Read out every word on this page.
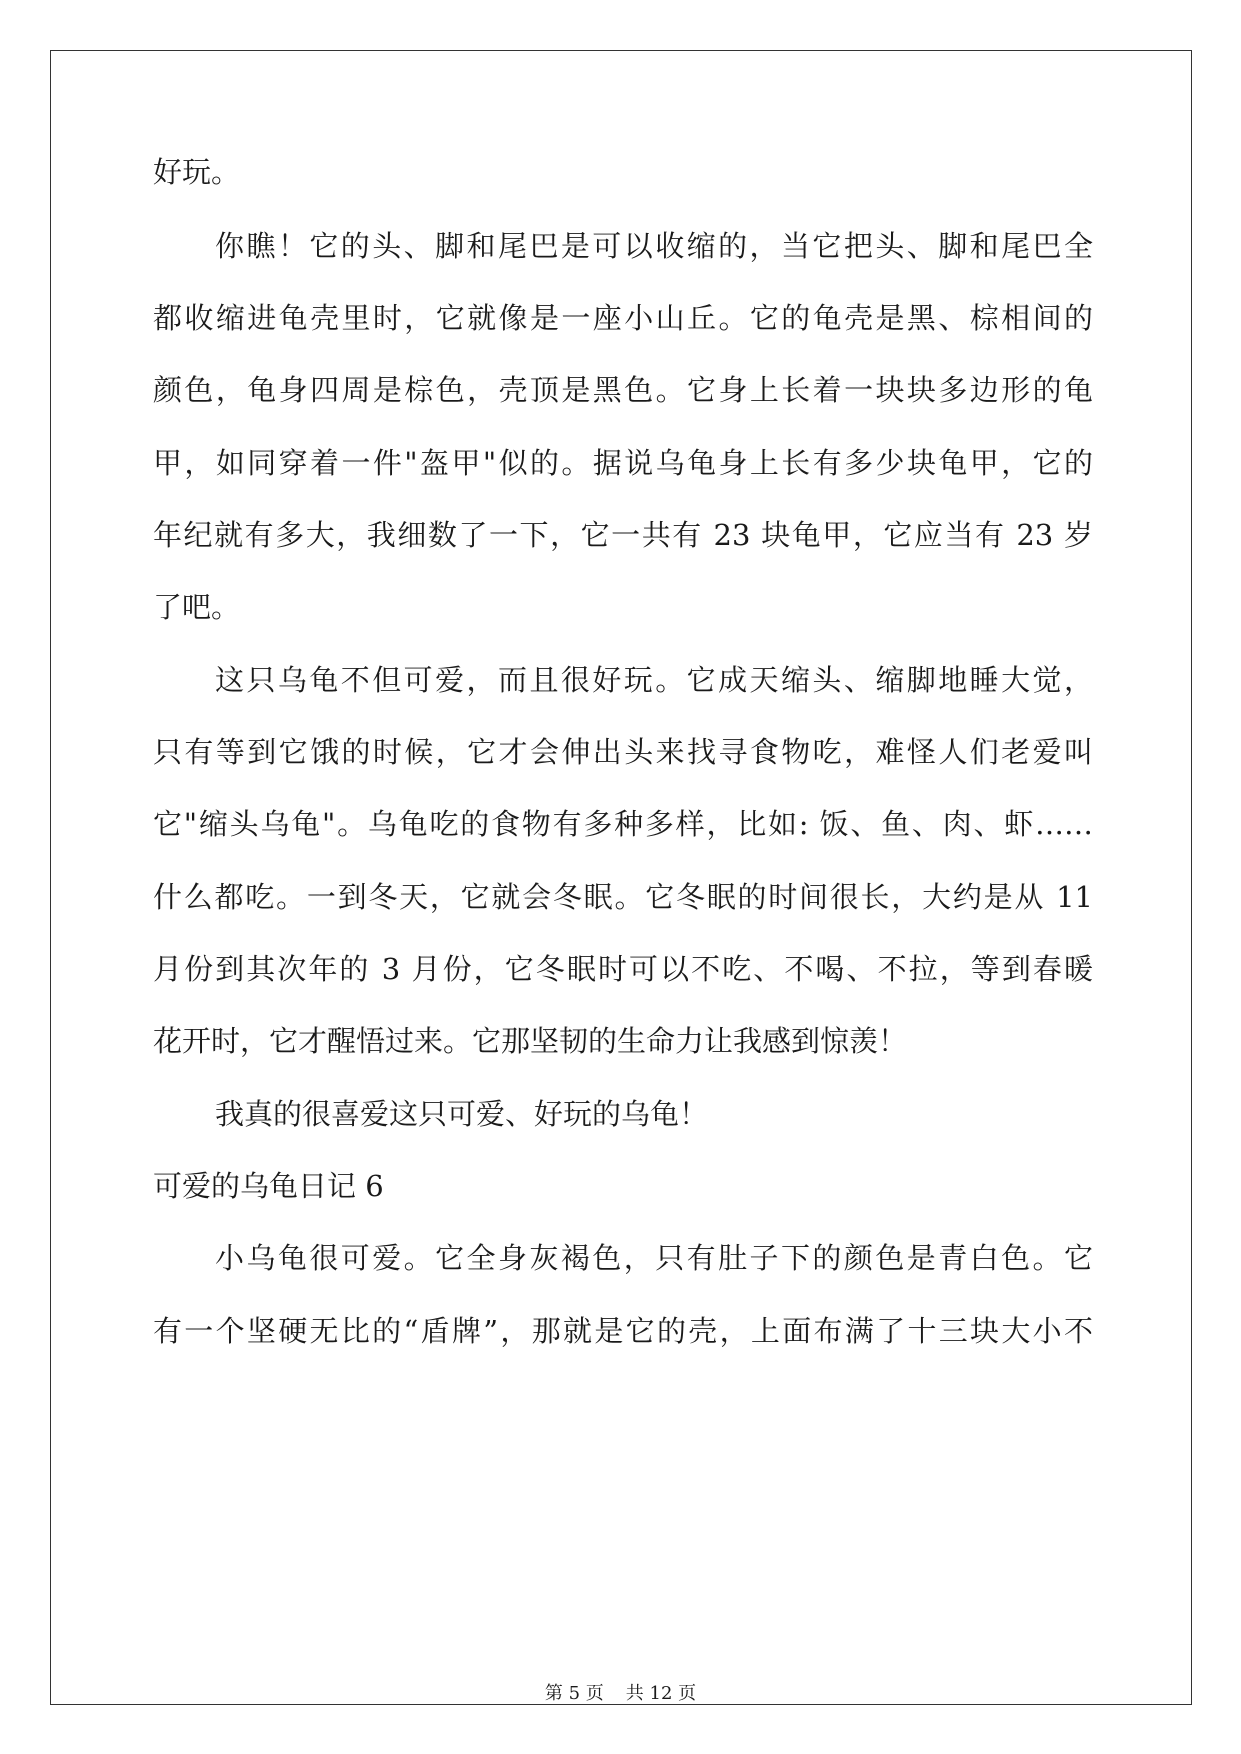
好玩。
你瞧！它的头、脚和尾巴是可以收缩的，当它把头、脚和尾巴全
都收缩进龟壳里时，它就像是一座小山丘。它的龟壳是黑、棕相间的
颜色，龟身四周是棕色，壳顶是黑色。它身上长着一块块多边形的龟
甲，如同穿着一件"盔甲"似的。据说乌龟身上长有多少块龟甲，它的
年纪就有多大，我细数了一下，它一共有 23 块龟甲，它应当有 23 岁
了吧。
这只乌龟不但可爱，而且很好玩。它成天缩头、缩脚地睡大觉，
只有等到它饿的时候，它才会伸出头来找寻食物吃，难怪人们老爱叫
它"缩头乌龟"。乌龟吃的食物有多种多样，比如: 饭、鱼、肉、虾……
什么都吃。一到冬天，它就会冬眠。它冬眠的时间很长，大约是从 11
月份到其次年的 3 月份，它冬眠时可以不吃、不喝、不拉，等到春暖
花开时，它才醒悟过来。它那坚韧的生命力让我感到惊羡！
我真的很喜爱这只可爱、好玩的乌龟！
可爱的乌龟日记 6
小乌龟很可爱。它全身灰褐色，只有肚子下的颜色是青白色。它
有一个坚硬无比的“盾牌”，那就是它的壳，上面布满了十三块大小不
第 5 页 共 12 页
